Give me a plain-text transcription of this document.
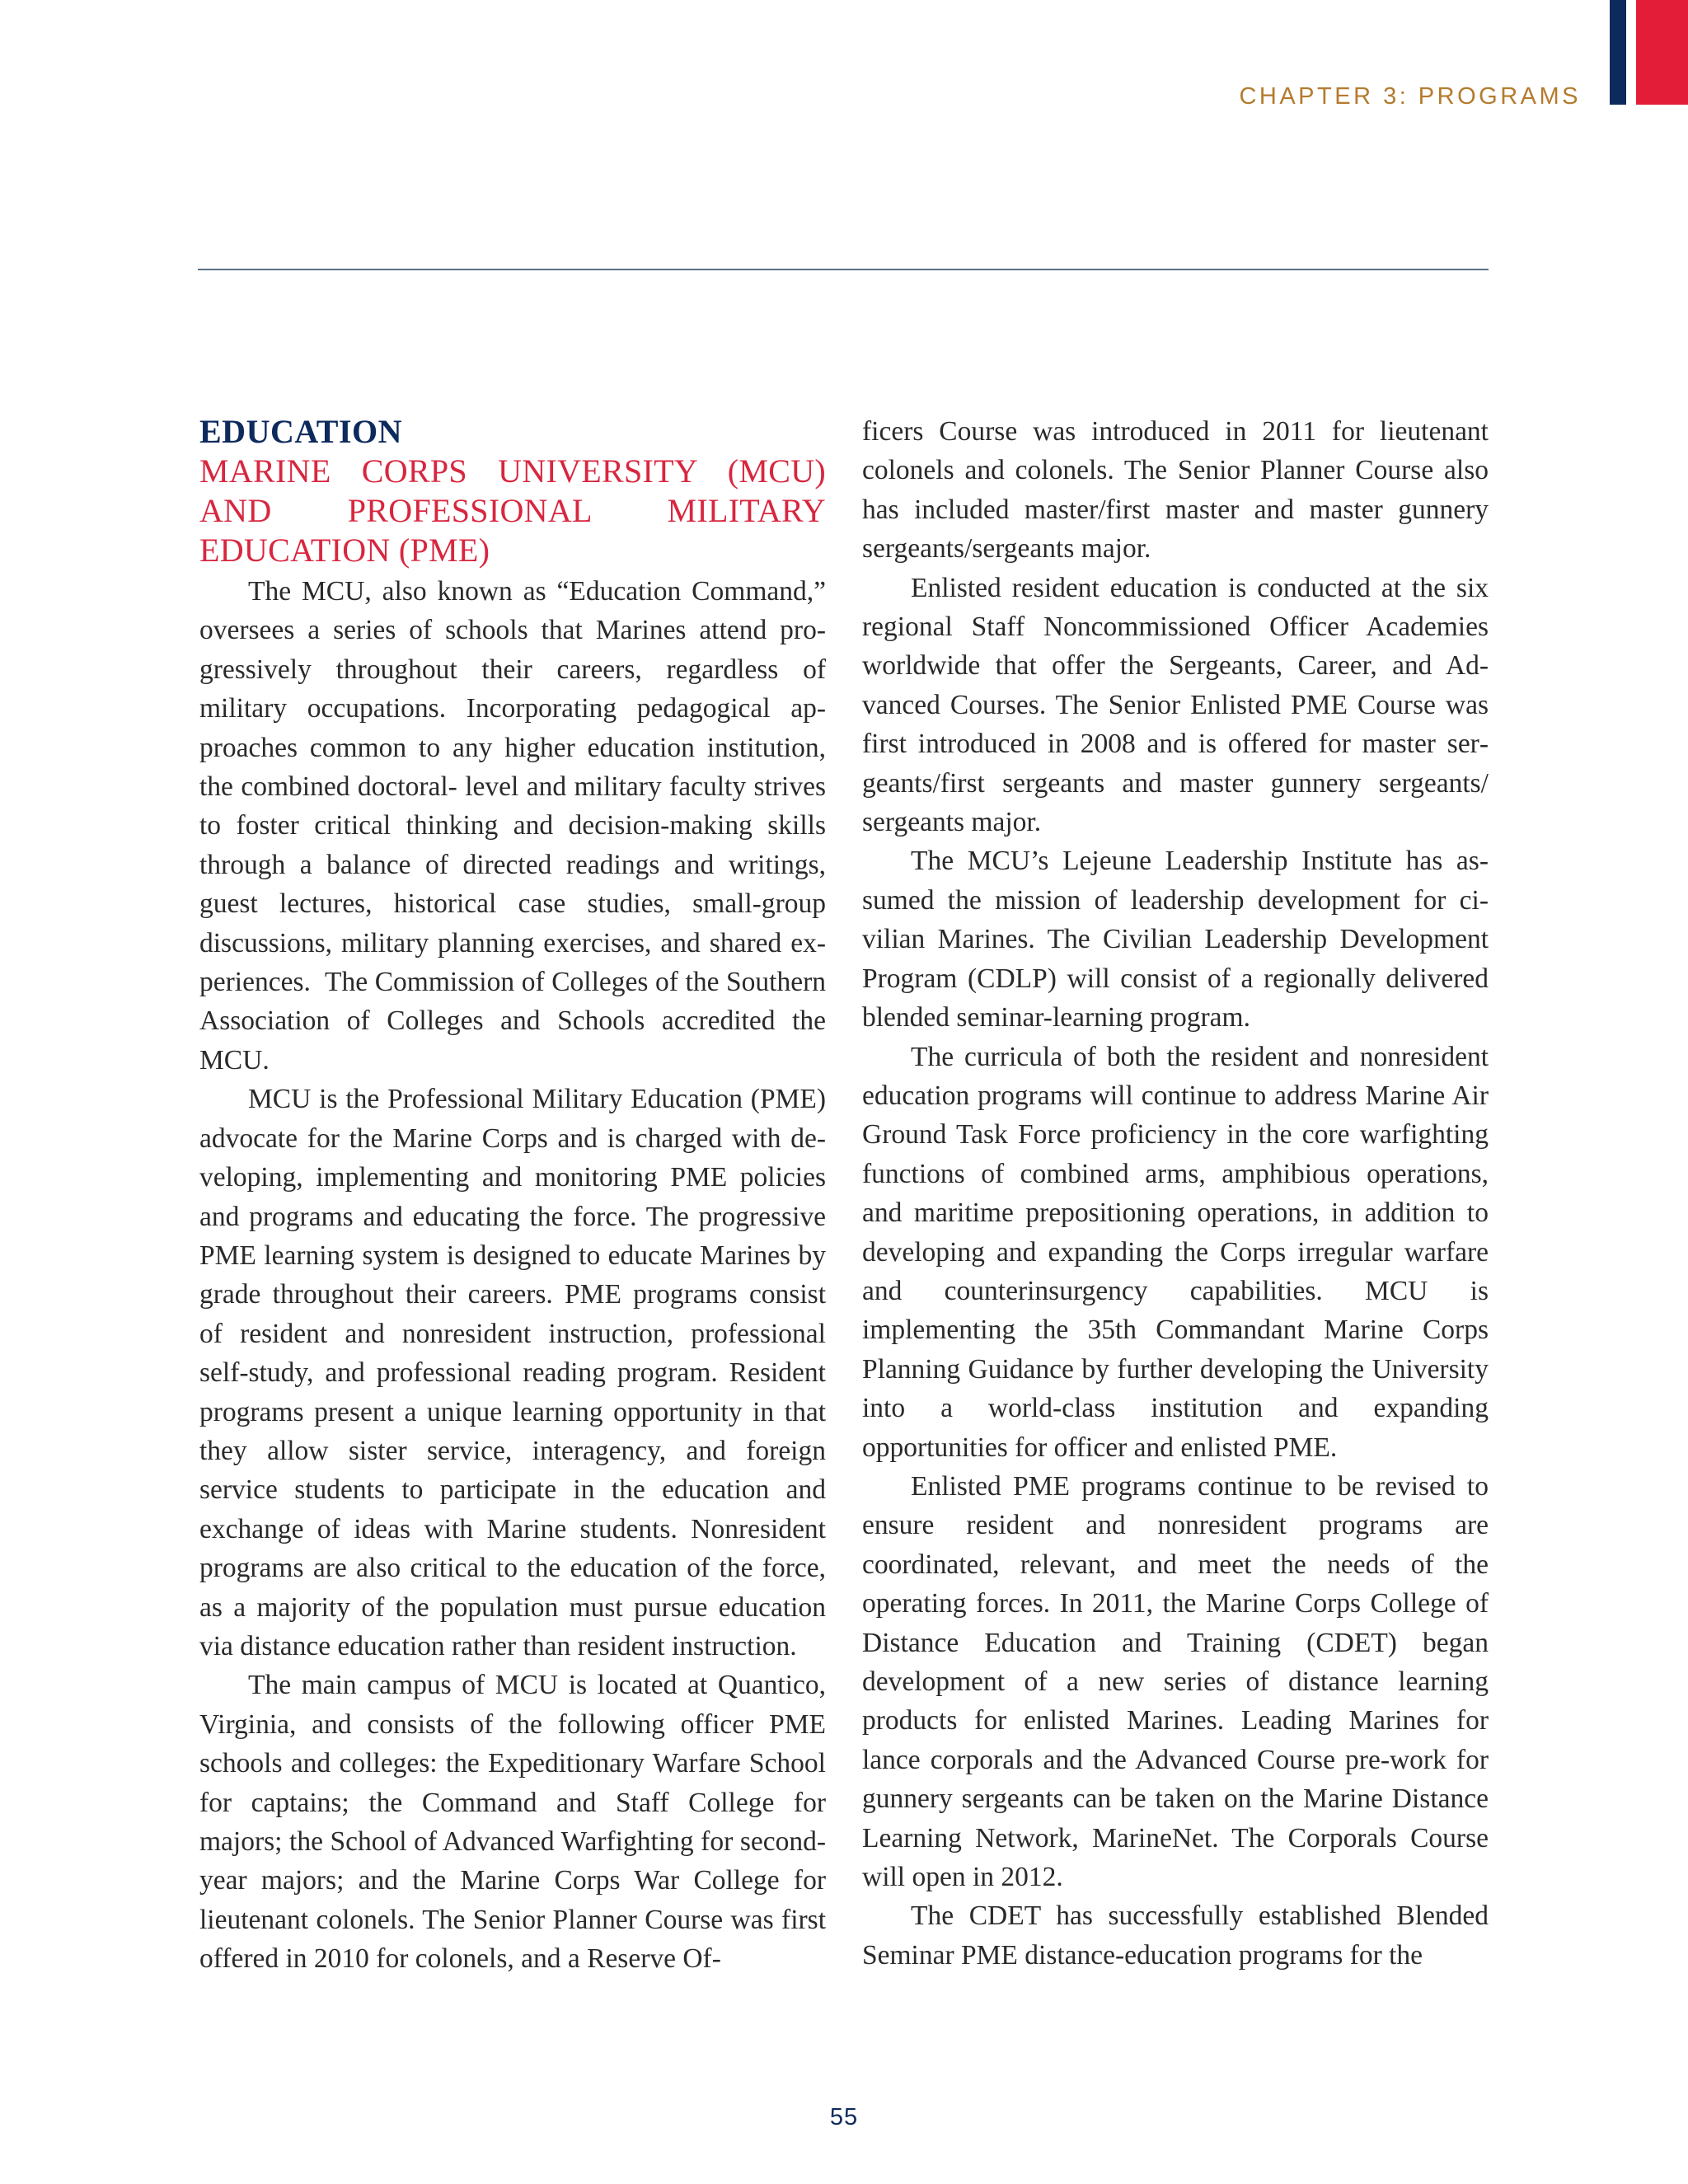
CHAPTER 3: PROGRAMS
EDUCATION
MARINE CORPS UNIVERSITY (MCU) AND PROFESSIONAL MILITARY EDUCATION (PME)

The MCU, also known as “Education Command,” oversees a series of schools that Marines attend progressively throughout their careers, regardless of military occupations. Incorporating pedagogical approaches common to any higher education institution, the combined doctoral- level and military faculty strives to foster critical thinking and decision-making skills through a balance of directed readings and writings, guest lectures, historical case studies, small-group discussions, military planning exercises, and shared experiences.  The Commission of Colleges of the Southern Association of Colleges and Schools accredited the MCU.

MCU is the Professional Military Education (PME) advocate for the Marine Corps and is charged with developing, implementing and monitoring PME policies and programs and educating the force. The progressive PME learning system is designed to educate Marines by grade throughout their careers. PME programs consist of resident and nonresident instruction, professional self-study, and professional reading program. Resident programs present a unique learning opportunity in that they allow sister service, interagency, and foreign service students to participate in the education and exchange of ideas with Marine students. Nonresident programs are also critical to the education of the force, as a majority of the population must pursue education via distance education rather than resident instruction.

The main campus of MCU is located at Quantico, Virginia, and consists of the following officer PME schools and colleges: the Expeditionary Warfare School for captains; the Command and Staff College for majors; the School of Advanced Warfighting for second-year majors; and the Marine Corps War College for lieutenant colonels. The Senior Planner Course was first offered in 2010 for colonels, and a Reserve Of-

ficers Course was introduced in 2011 for lieutenant colonels and colonels. The Senior Planner Course also has included master/first master and master gunnery sergeants/sergeants major.

Enlisted resident education is conducted at the six regional Staff Noncommissioned Officer Academies worldwide that offer the Sergeants, Career, and Advanced Courses. The Senior Enlisted PME Course was first introduced in 2008 and is offered for master sergeants/first sergeants and master gunnery sergeants/ sergeants major.

The MCU’s Lejeune Leadership Institute has assumed the mission of leadership development for civilian Marines. The Civilian Leadership Development Program (CDLP) will consist of a regionally delivered blended seminar-learning program.

The curricula of both the resident and nonresident education programs will continue to address Marine Air Ground Task Force proficiency in the core warfighting functions of combined arms, amphibious operations, and maritime prepositioning operations, in addition to developing and expanding the Corps irregular warfare and counterinsurgency capabilities. MCU is implementing the 35th Commandant Marine Corps Planning Guidance by further developing the University into a world-class institution and expanding opportunities for officer and enlisted PME.

Enlisted PME programs continue to be revised to ensure resident and nonresident programs are coordinated, relevant, and meet the needs of the operating forces. In 2011, the Marine Corps College of Distance Education and Training (CDET) began development of a new series of distance learning products for enlisted Marines. Leading Marines for lance corporals and the Advanced Course pre-work for gunnery sergeants can be taken on the Marine Distance Learning Network, MarineNet. The Corporals Course will open in 2012.

The CDET has successfully established Blended Seminar PME distance-education programs for the

55
